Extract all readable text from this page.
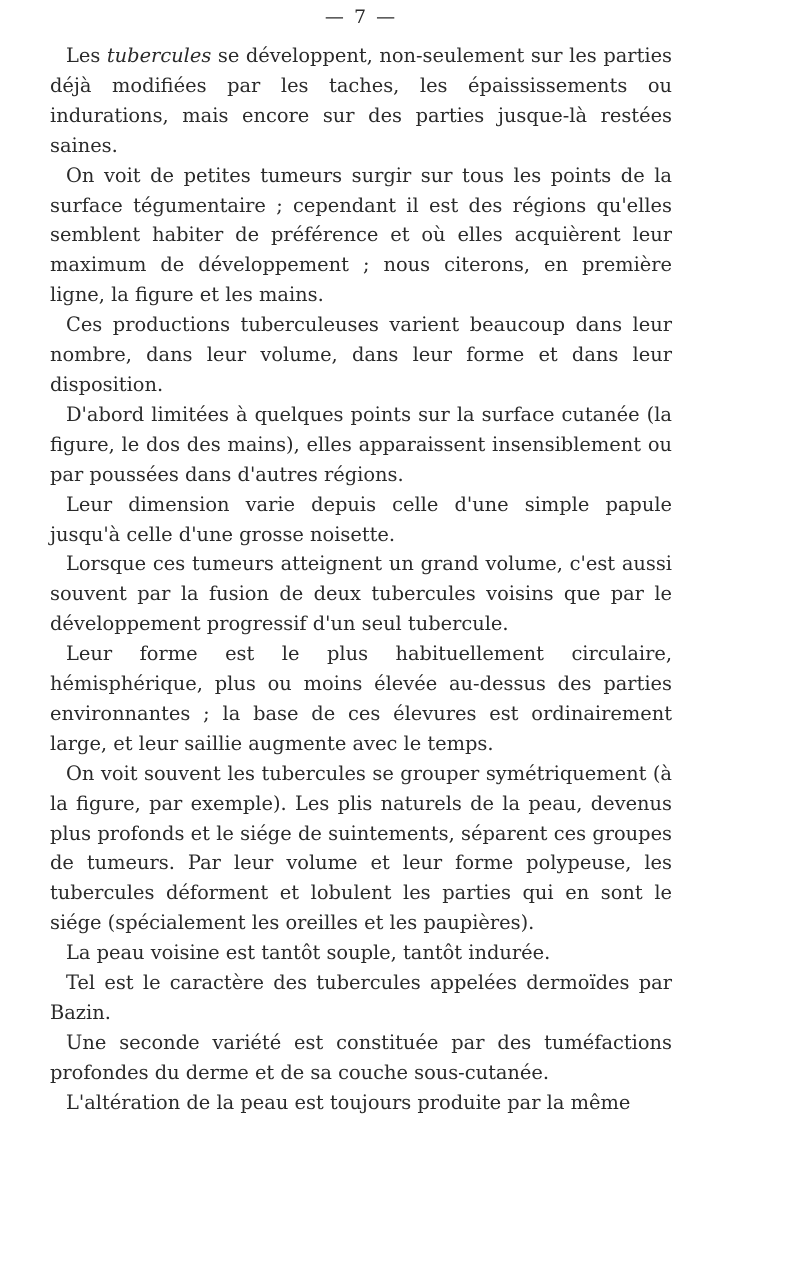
— 7 —

Les tubercules se développent, non-seulement sur les parties déjà modifiées par les taches, les épaississements ou indurations, mais encore sur des parties jusque-là restées saines.

On voit de petites tumeurs surgir sur tous les points de la surface tégumentaire ; cependant il est des régions qu'elles semblent habiter de préférence et où elles acquièrent leur maximum de développement ; nous citerons, en première ligne, la figure et les mains.

Ces productions tuberculeuses varient beaucoup dans leur nombre, dans leur volume, dans leur forme et dans leur disposition.

D'abord limitées à quelques points sur la surface cutanée (la figure, le dos des mains), elles apparaissent insensiblement ou par poussées dans d'autres régions.

Leur dimension varie depuis celle d'une simple papule jusqu'à celle d'une grosse noisette.

Lorsque ces tumeurs atteignent un grand volume, c'est aussi souvent par la fusion de deux tubercules voisins que par le développement progressif d'un seul tubercule.

Leur forme est le plus habituellement circulaire, hémisphérique, plus ou moins élevée au-dessus des parties environnantes ; la base de ces élevures est ordinairement large, et leur saillie augmente avec le temps.

On voit souvent les tubercules se grouper symétriquement (à la figure, par exemple). Les plis naturels de la peau, devenus plus profonds et le siége de suintements, séparent ces groupes de tumeurs. Par leur volume et leur forme polypeuse, les tubercules déforment et lobulent les parties qui en sont le siége (spécialement les oreilles et les paupières).

La peau voisine est tantôt souple, tantôt indurée.

Tel est le caractère des tubercules appelées dermoïdes par Bazin.

Une seconde variété est constituée par des tuméfactions profondes du derme et de sa couche sous-cutanée.

L'altération de la peau est toujours produite par la même
